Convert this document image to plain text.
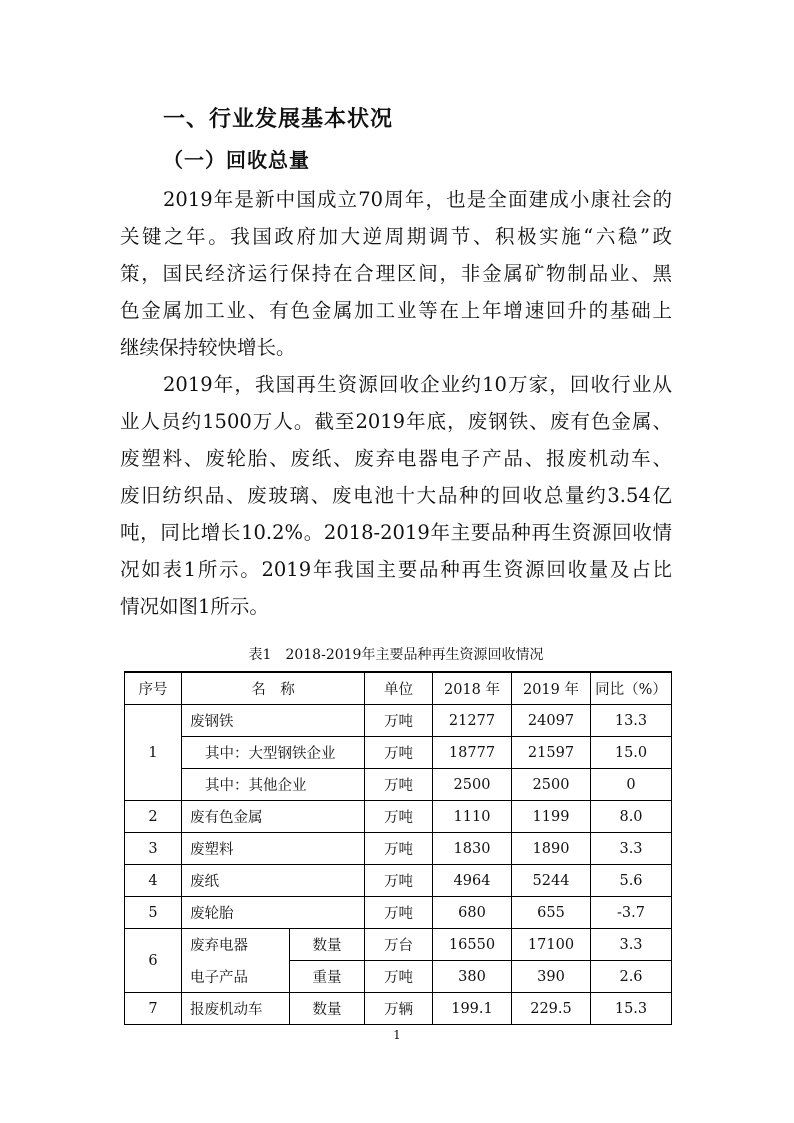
一、行业发展基本状况
（一）回收总量
2019年是新中国成立70周年，也是全面建成小康社会的
关键之年。我国政府加大逆周期调节、积极实施“六稳”政
策，国民经济运行保持在合理区间，非金属矿物制品业、黑
色金属加工业、有色金属加工业等在上年增速回升的基础上
继续保持较快增长。
2019年，我国再生资源回收企业约10万家，回收行业从
业人员约1500万人。截至2019年底，废钢铁、废有色金属、
废塑料、废轮胎、废纸、废弃电器电子产品、报废机动车、
废旧纺织品、废玻璃、废电池十大品种的回收总量约3.54亿
吨，同比增长10.2%。2018-2019年主要品种再生资源回收情
况如表1所示。2019年我国主要品种再生资源回收量及占比
情况如图1所示。
表1　2018-2019年主要品种再生资源回收情况
序号	名　称		单位	2018 年	2019 年	同比（%）
1	废钢铁		万吨	21277	24097	13.3
	其中：大型钢铁企业		万吨	18777	21597	15.0
	其中：其他企业		万吨	2500	2500	0
2	废有色金属		万吨	1110	1199	8.0
3	废塑料		万吨	1830	1890	3.3
4	废纸		万吨	4964	5244	5.6
5	废轮胎		万吨	680	655	-3.7
6	废弃电器	数量	万台	16550	17100	3.3
	电子产品	重量	万吨	380	390	2.6
7	报废机动车	数量	万辆	199.1	229.5	15.3
1
